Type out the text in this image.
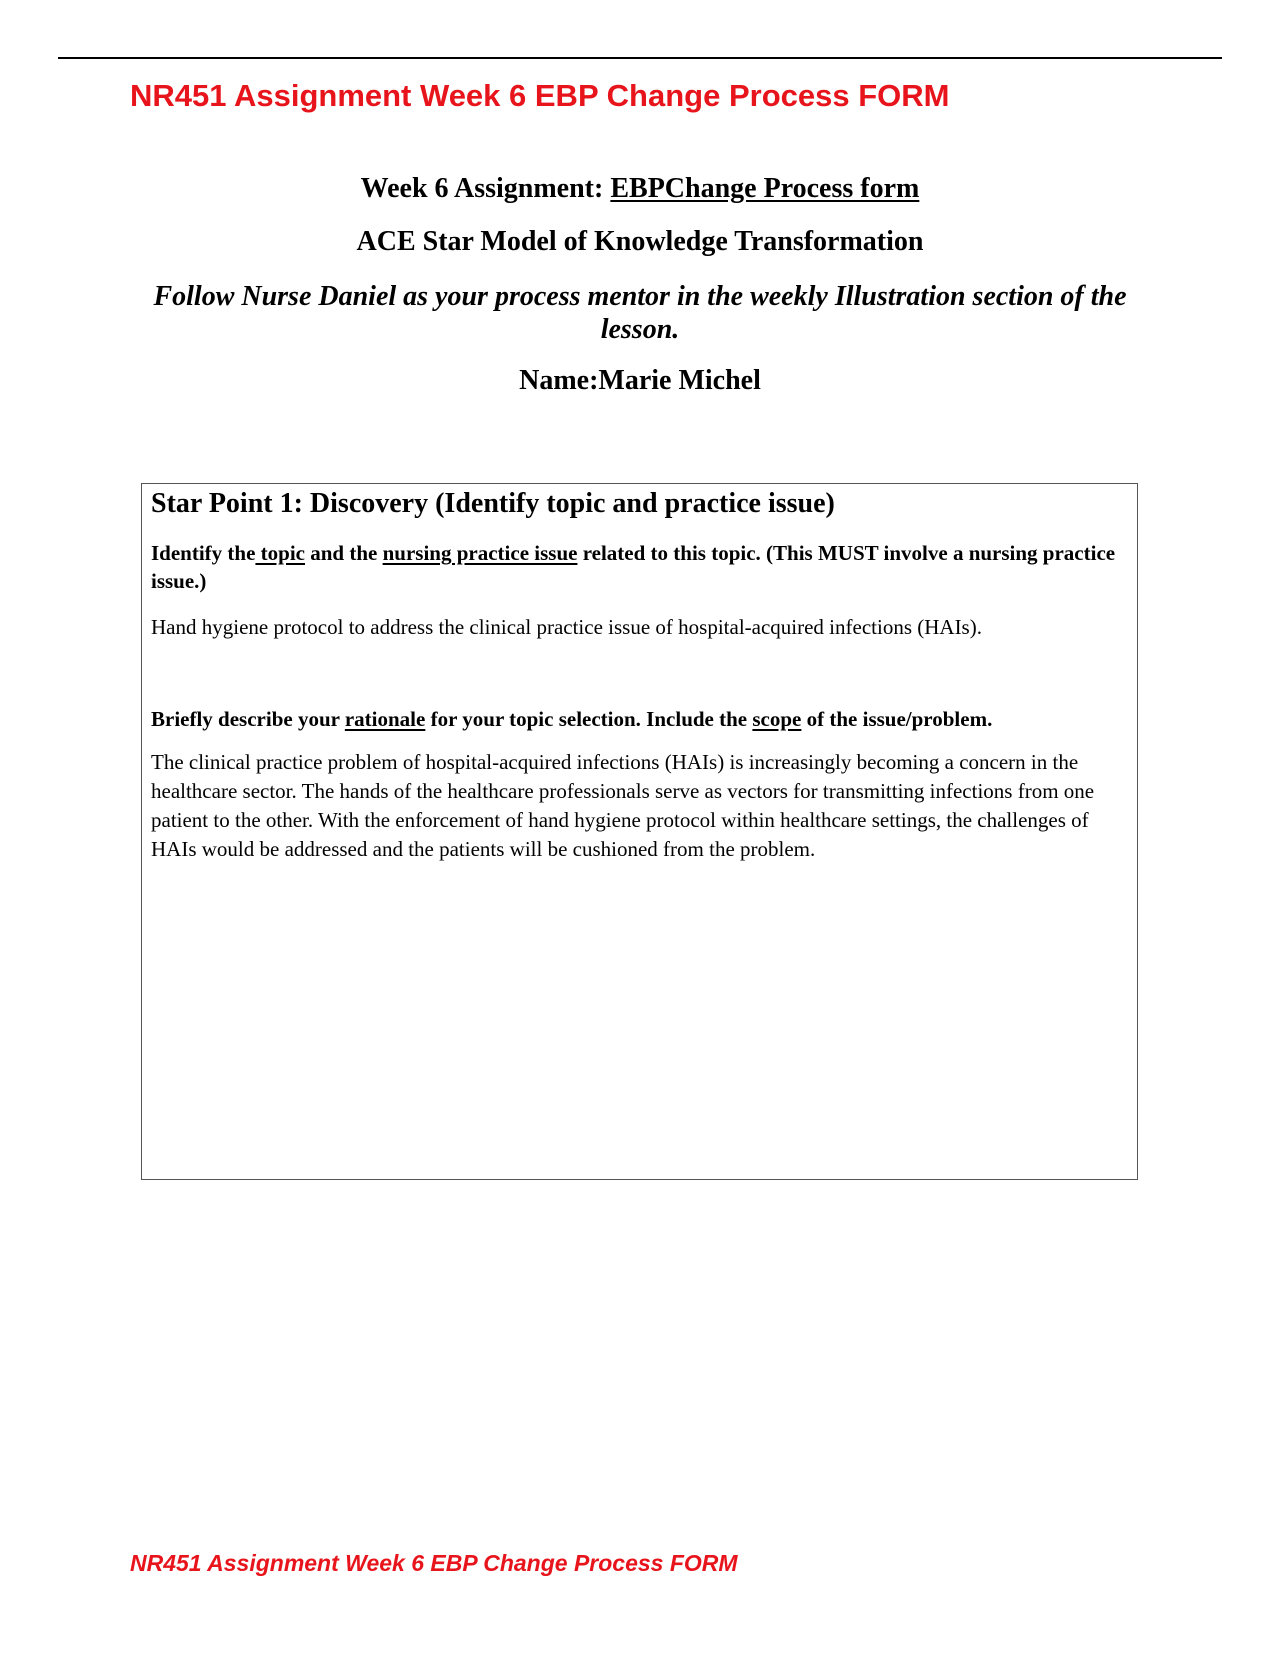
NR451 Assignment Week 6 EBP Change Process FORM

Week 6 Assignment: EBPChange Process form

ACE Star Model of Knowledge Transformation

Follow Nurse Daniel as your process mentor in the weekly Illustration section of the lesson.

Name:Marie Michel

Star Point 1: Discovery (Identify topic and practice issue)

Identify the topic and the nursing practice issue related to this topic. (This MUST involve a nursing practice issue.)

Hand hygiene protocol to address the clinical practice issue of hospital-acquired infections (HAIs).

Briefly describe your rationale for your topic selection. Include the scope of the issue/problem.

The clinical practice problem of hospital-acquired infections (HAIs) is increasingly becoming a concern in the healthcare sector. The hands of the healthcare professionals serve as vectors for transmitting infections from one patient to the other. With the enforcement of hand hygiene protocol within healthcare settings, the challenges of HAIs would be addressed and the patients will be cushioned from the problem.

NR451 Assignment Week 6 EBP Change Process FORM
